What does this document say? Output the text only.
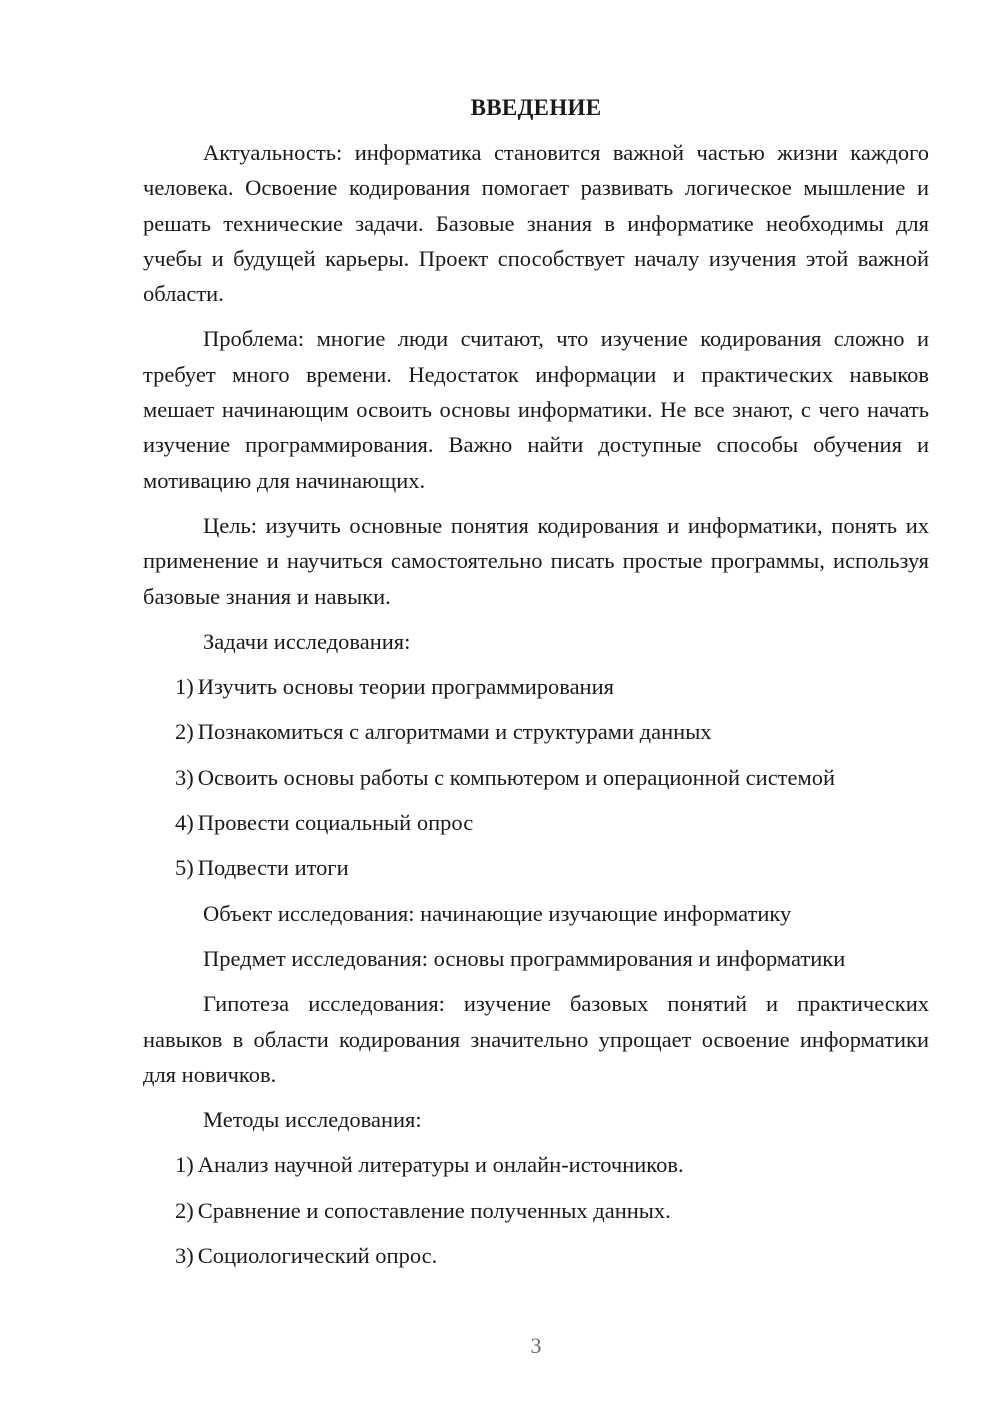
ВВЕДЕНИЕ

Актуальность: информатика становится важной частью жизни каждого человека. Освоение кодирования помогает развивать логическое мышление и решать технические задачи. Базовые знания в информатике необходимы для учебы и будущей карьеры. Проект способствует началу изучения этой важной области.

Проблема: многие люди считают, что изучение кодирования сложно и требует много времени. Недостаток информации и практических навыков мешает начинающим освоить основы информатики. Не все знают, с чего начать изучение программирования. Важно найти доступные способы обучения и мотивацию для начинающих.

Цель: изучить основные понятия кодирования и информатики, понять их применение и научиться самостоятельно писать простые программы, используя базовые знания и навыки.

Задачи исследования:
1) Изучить основы теории программирования
2) Познакомиться с алгоритмами и структурами данных
3) Освоить основы работы с компьютером и операционной системой
4) Провести социальный опрос
5) Подвести итоги
Объект исследования: начинающие изучающие информатику
Предмет исследования: основы программирования и информатики

Гипотеза исследования: изучение базовых понятий и практических навыков в области кодирования значительно упрощает освоение информатики для новичков.

Методы исследования:
1) Анализ научной литературы и онлайн-источников.
2) Сравнение и сопоставление полученных данных.
3) Социологический опрос.
3
